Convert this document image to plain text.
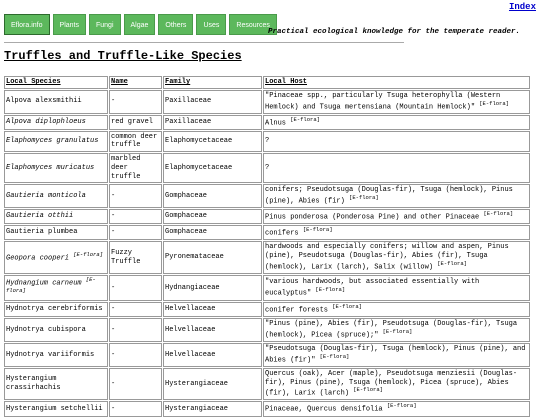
Index
Eflora.info	Plants	Fungi	Algae	Others	Uses	Resources
Practical ecological knowledge for the temperate reader.
Truffles and Truffle-Like Species
Local Species	Name	Family	Local Host
Alpova alexsmithii	-	Paxillaceae	"Pinaceae spp., particularly Tsuga heterophylla (Western Hemlock) and Tsuga mertensiana (Mountain Hemlock)" [E-flora]
Alpova diplophloeus	red gravel	Paxillaceae	Alnus [E-flora]
Elaphomyces granulatus	common deer truffle	Elaphomycetaceae	?
Elaphomyces muricatus	marbled deer truffle	Elaphomycetaceae	?
Gautieria monticola	-	Gomphaceae	conifers; Pseudotsuga (Douglas-fir), Tsuga (hemlock), Pinus (pine), Abies (fir) [E-flora]
Gautieria otthii	-	Gomphaceae	Pinus ponderosa (Ponderosa Pine) and other Pinaceae [E-flora]
Gautieria plumbea	-	Gomphaceae	conifers [E-flora]
Geopora cooperi [E-flora]	Fuzzy Truffle	Pyronemataceae	hardwoods and especially conifers; willow and aspen, Pinus (pine), Pseudotsuga (Douglas-fir), Abies (fir), Tsuga (hemlock), Larix (larch), Salix (willow) [E-flora]
Hydnangium carneum [E-flora]	-	Hydnangiaceae	"various hardwoods, but associated essentially with eucalyptus" [E-flora]
Hydnotrya cerebriformis	-	Helvellaceae	conifer forests [E-flora]
Hydnotrya cubispora	-	Helvellaceae	"Pinus (pine), Abies (fir), Pseudotsuga (Douglas-fir), Tsuga (hemlock), Picea (spruce);" [E-flora]
Hydnotrya variiformis	-	Helvellaceae	"Pseudotsuga (Douglas-fir), Tsuga (hemlock), Pinus (pine), and Abies (fir)" [E-flora]
Hysterangium crassirhachis	-	Hysterangiaceae	Quercus (oak), Acer (maple), Pseudotsuga menziesii (Douglas-fir), Pinus (pine), Tsuga (hemlock), Picea (spruce), Abies (fir), Larix (larch) [E-flora]
Hysterangium setchellii	-	Hysterangiaceae	Pinaceae, Quercus densifolia [E-flora]
